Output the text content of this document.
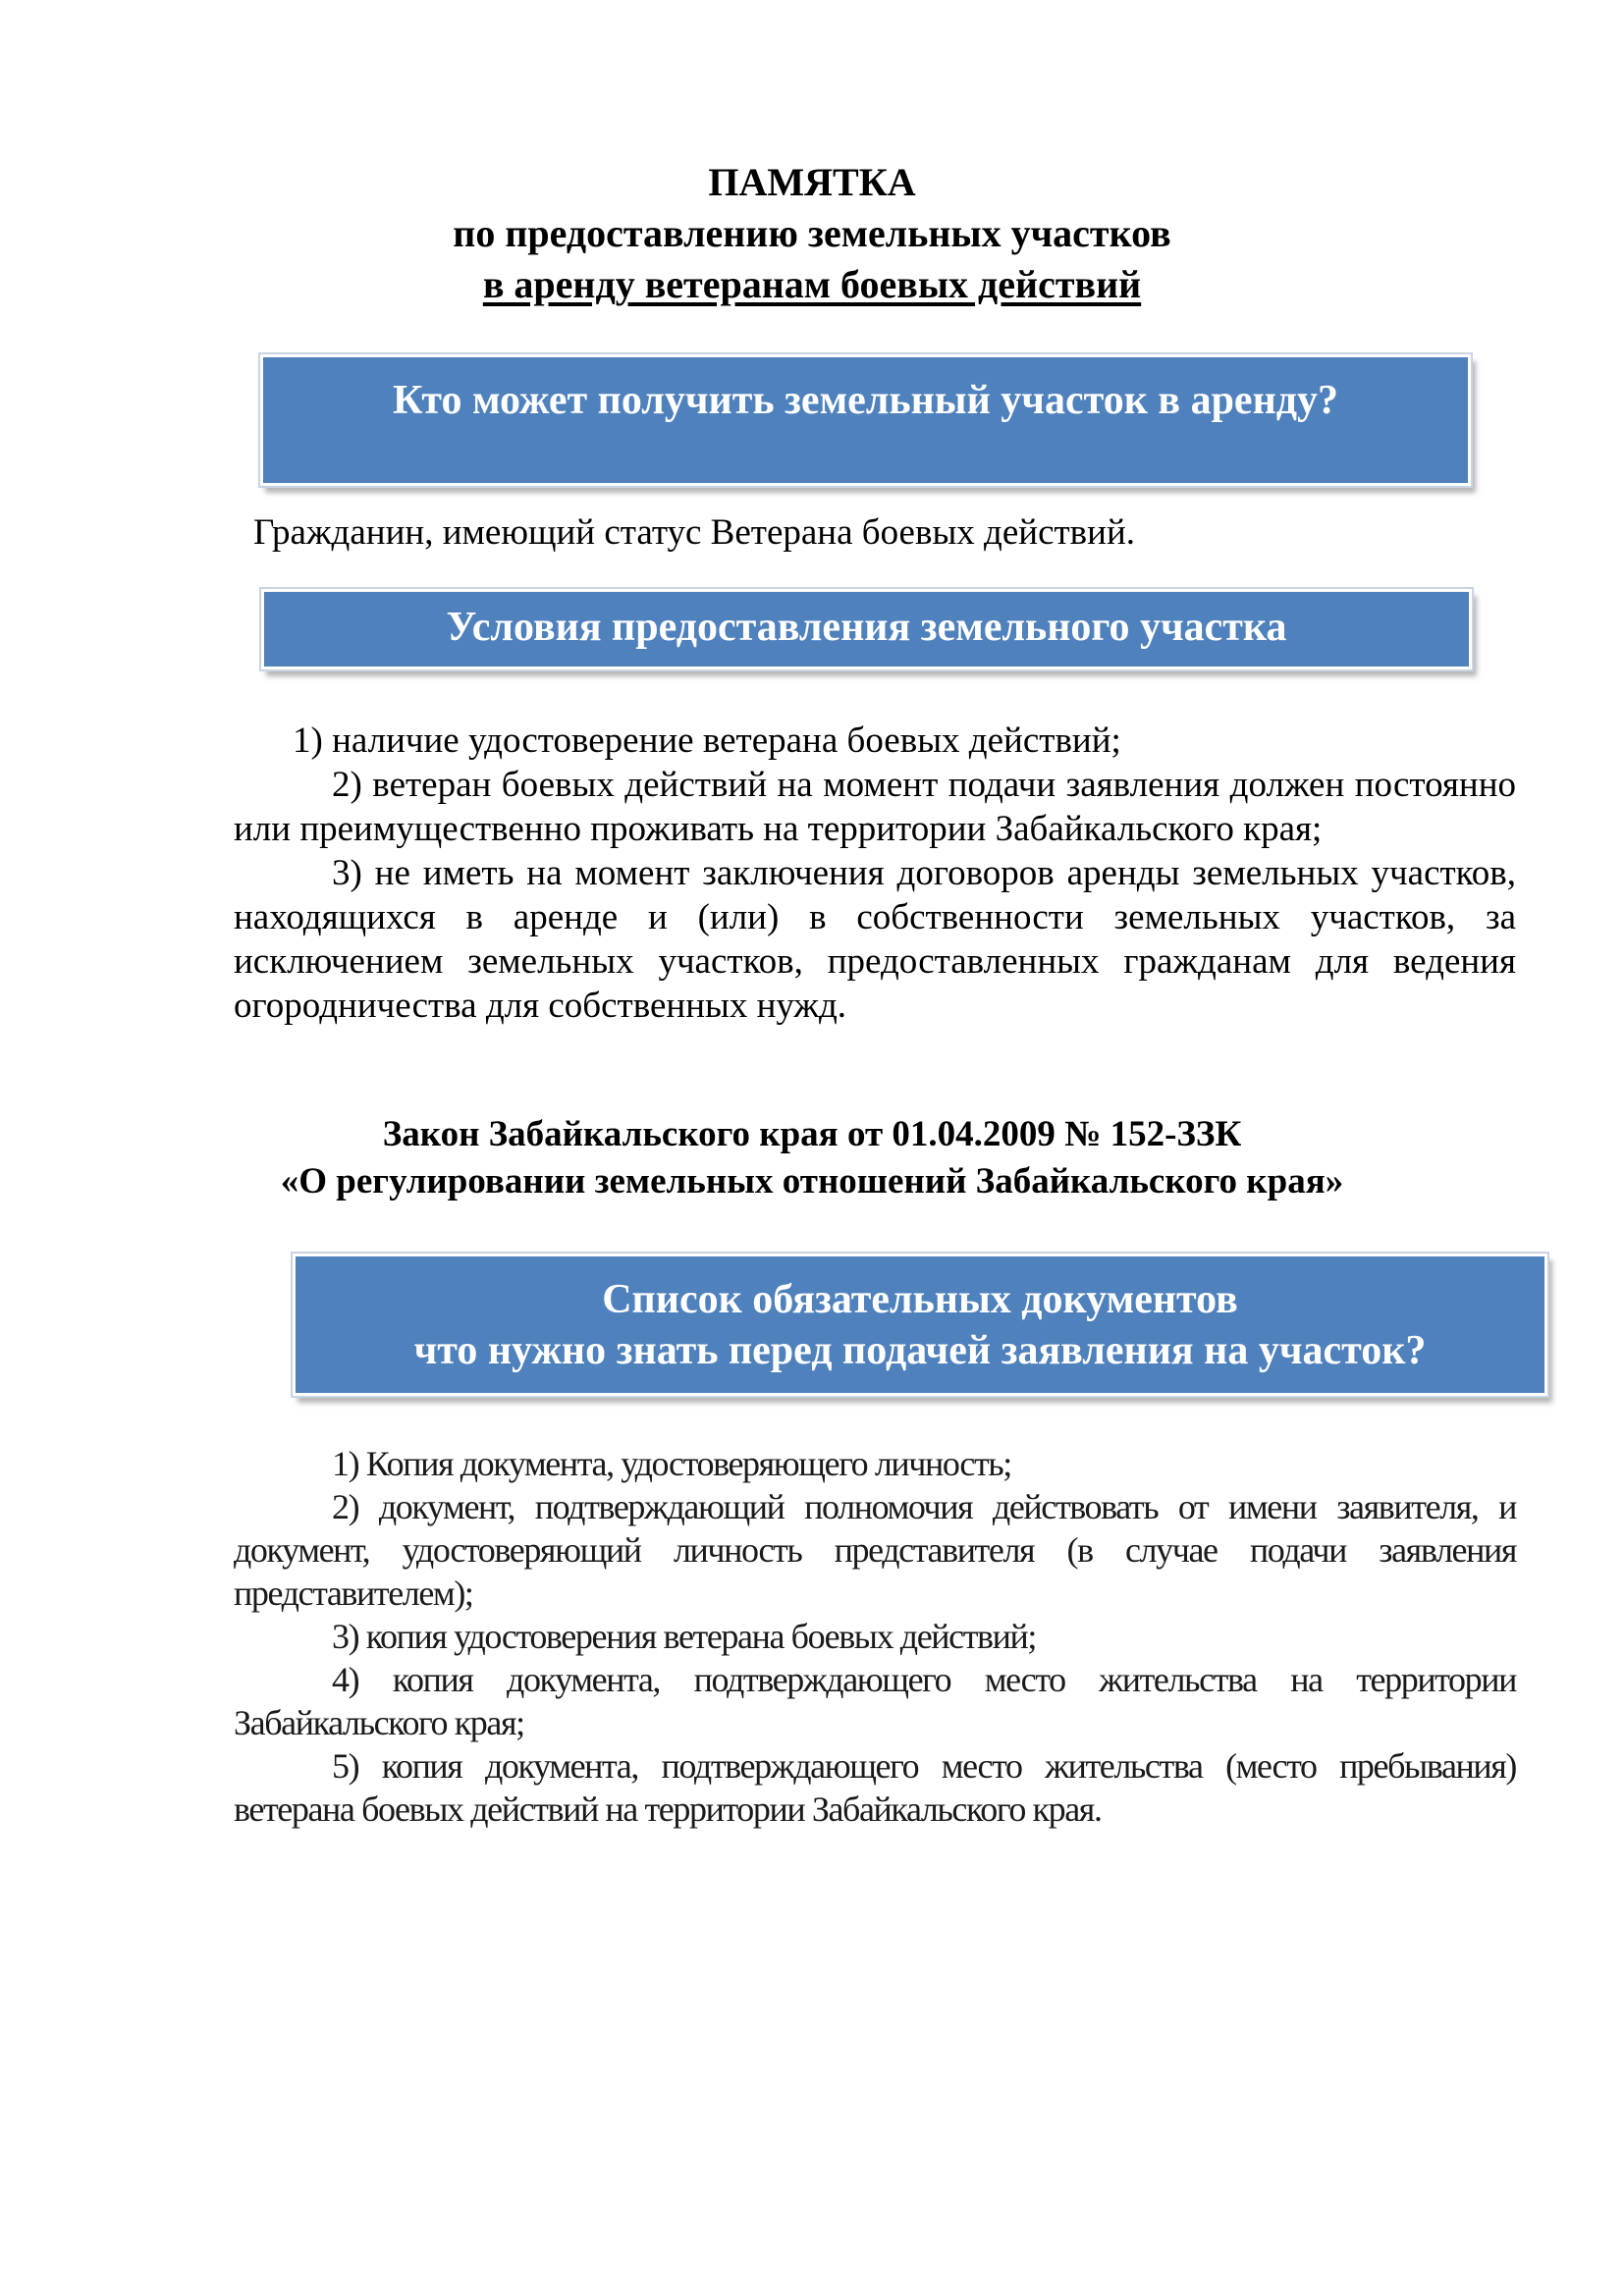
ПАМЯТКА
по предоставлению земельных участков
в аренду ветеранам боевых действий
Кто может получить земельный участок в аренду?
Гражданин, имеющий статус Ветерана боевых действий.
Условия предоставления земельного участка

1) наличие удостоверение ветерана боевых действий;

2) ветеран боевых действий на момент подачи заявления должен постоянно или преимущественно проживать на территории Забайкальского края;

3) не иметь на момент заключения договоров аренды земельных участков, находящихся в аренде и (или) в собственности земельных участков, за исключением земельных участков, предоставленных гражданам для ведения огородничества для собственных нужд.

Закон Забайкальского края от 01.04.2009 № 152-ЗЗК
«О регулировании земельных отношений Забайкальского края»
Список обязательных документов
что нужно знать перед подачей заявления на участок?

1) Копия документа, удостоверяющего личность;

2) документ, подтверждающий полномочия действовать от имени заявителя, и документ, удостоверяющий личность представителя (в случае подачи заявления представителем);

3) копия удостоверения ветерана боевых действий;

4) копия документа, подтверждающего место жительства на территории Забайкальского края;

5) копия документа, подтверждающего место жительства (место пребывания) ветерана боевых действий на территории Забайкальского края.
